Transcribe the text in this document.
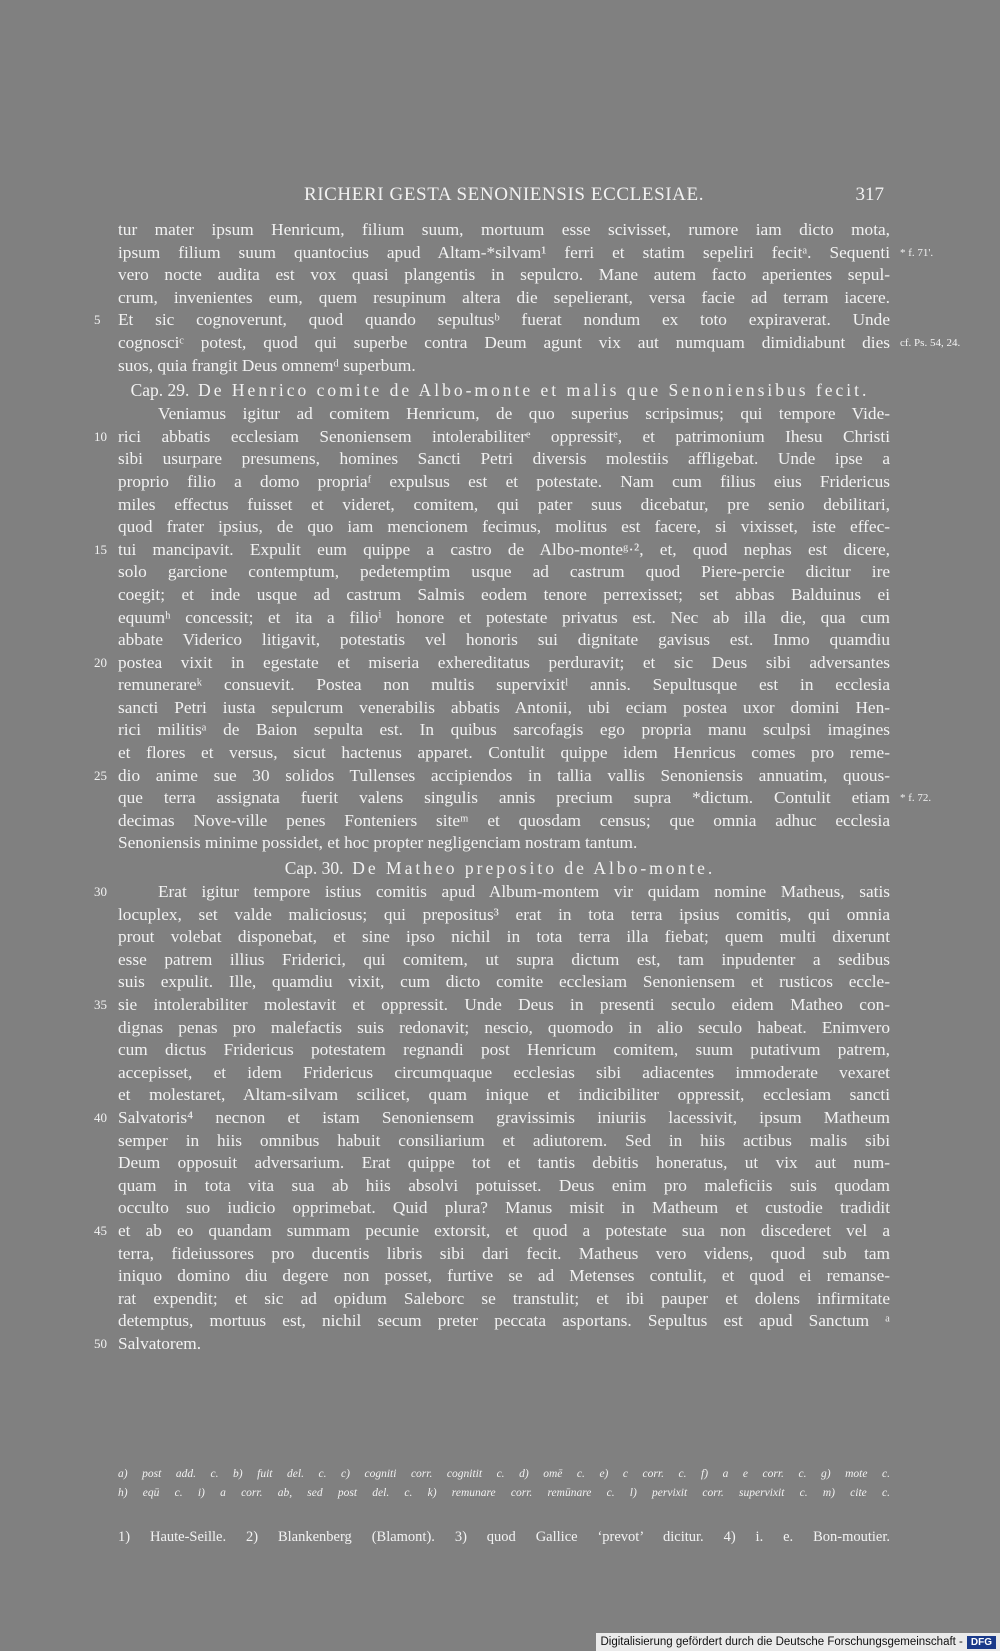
RICHERI GESTA SENONIENSIS ECCLESIAE.	317
tur mater ipsum Henricum, filium suum, mortuum esse scivisset, rumore iam dicto mota,
ipsum filium suum quantocius apud Altam-*silvam¹ ferri et statim sepeliri fecitᵃ. Sequenti * f. 71'.
vero nocte audita est vox quasi plangentis in sepulcro. Mane autem facto aperientes sepul-
crum, invenientes eum, quem resupinum altera die sepelierant, versa facie ad terram iacere.
5 Et sic cognoverunt, quod quando sepultusᵇ fuerat nondum ex toto expiraverat. Unde
cognosciᶜ potest, quod qui superbe contra Deum agunt vix aut numquam dimidiabunt dies cf. Ps. 54, 24.
suos, quia frangit Deus omnemᵈ superbum.
Cap. 29. De Henrico comite de Albo-monte et malis que Senoniensibus fecit.
Veniamus igitur ad comitem Henricum, de quo superius scripsimus; qui tempore Vide-
10 rici abbatis ecclesiam Senoniensem intolerabiliterᵉ oppressitᵉ, et patrimonium Ihesu Christi
sibi usurpare presumens, homines Sancti Petri diversis molestiis affligebat. Unde ipse a
proprio filio a domo propriaᶠ expulsus est et potestate. Nam cum filius eius Fridericus
miles effectus fuisset et videret, comitem, qui pater suus dicebatur, pre senio debilitari,
quod frater ipsius, de quo iam mencionem fecimus, molitus est facere, si vixisset, iste effec-
15 tui mancipavit. Expulit eum quippe a castro de Albo-monteᵍ·², et, quod nephas est dicere,
solo garcione contemptum, pedetemptim usque ad castrum quod Piere-percie dicitur ire
coegit; et inde usque ad castrum Salmis eodem tenore perrexisset; set abbas Balduinus ei
equumʰ concessit; et ita a filioⁱ honore et potestate privatus est. Nec ab illa die, qua cum
abbate Viderico litigavit, potestatis vel honoris sui dignitate gavisus est. Inmo quamdiu
20 postea vixit in egestate et miseria exhereditatus perduravit; et sic Deus sibi adversantes
remunerareᵏ consuevit. Postea non multis supervixitˡ annis. Sepultusque est in ecclesia
sancti Petri iusta sepulcrum venerabilis abbatis Antonii, ubi eciam postea uxor domini Hen-
rici militisᵃ de Baion sepulta est. In quibus sarcofagis ego propria manu sculpsi imagines
et flores et versus, sicut hactenus apparet. Contulit quippe idem Henricus comes pro reme-
25 dio anime sue 30 solidos Tullenses accipiendos in tallia vallis Senoniensis annuatim, quous-
que terra assignata fuerit valens singulis annis precium supra *dictum. Contulit etiam * f. 72.
decimas Nove-ville penes Fonteniers siteᵐ et quosdam census; que omnia adhuc ecclesia
Senoniensis minime possidet, et hoc propter negligenciam nostram tantum.
Cap. 30. De Matheo preposito de Albo-monte.
30	Erat igitur tempore istius comitis apud Album-montem vir quidam nomine Matheus, satis
locuplex, set valde maliciosus; qui prepositus³ erat in tota terra ipsius comitis, qui omnia
prout volebat disponebat, et sine ipso nichil in tota terra illa fiebat; quem multi dixerunt
esse patrem illius Friderici, qui comitem, ut supra dictum est, tam inpudenter a sedibus
suis expulit. Ille, quamdiu vixit, cum dicto comite ecclesiam Senoniensem et rusticos eccle-
35 sie intolerabiliter molestavit et oppressit. Unde Deus in presenti seculo eidem Matheo con-
dignas penas pro malefactis suis redonavit; nescio, quomodo in alio seculo habeat. Enimvero
cum dictus Fridericus potestatem regnandi post Henricum comitem, suum putativum patrem,
accepisset, et idem Fridericus circumquaque ecclesias sibi adiacentes immoderate vexaret
et molestaret, Altam-silvam scilicet, quam inique et indicibiliter oppressit, ecclesiam sancti
40 Salvatoris⁴ necnon et istam Senoniensem gravissimis iniuriis lacessivit, ipsum Matheum
semper in hiis omnibus habuit consiliarium et adiutorem. Sed in hiis actibus malis sibi
Deum opposuit adversarium. Erat quippe tot et tantis debitis honeratus, ut vix aut num-
quam in tota vita sua ab hiis absolvi potuisset. Deus enim pro maleficiis suis quodam
occulto suo iudicio opprimebat. Quid plura? Manus misit in Matheum et custodie tradidit
45 et ab eo quandam summam pecunie extorsit, et quod a potestate sua non discederet vel a
terra, fideiussores pro ducentis libris sibi dari fecit. Matheus vero videns, quod sub tam
iniquo domino diu degere non posset, furtive se ad Metenses contulit, et quod ei remanse-
rat expendit; et sic ad opidum Saleborc se transtulit; et ibi pauper et dolens infirmitate
detemptus, mortuus est, nichil secum preter peccata asportans. Sepultus est apud Sanctum ᵃ
50 Salvatorem.
a) post add. c. b) fuit del. c. c) cogniti corr. cognitit c. d) omē c. e) c corr. c. f) a e corr. c. g) mote c.
h) eqū c. i) a corr. ab, sed post del. c. k) remunare corr. remūnare c. l) pervixit corr. supervixit c. m) cite c.
1) Haute-Seille. 2) Blankenberg (Blamont). 3) quod Gallice ‘prevot’ dicitur. 4) i. e. Bon-moutier.
Digitalisierung gefördert durch die Deutsche Forschungsgemeinschaft - DFG
